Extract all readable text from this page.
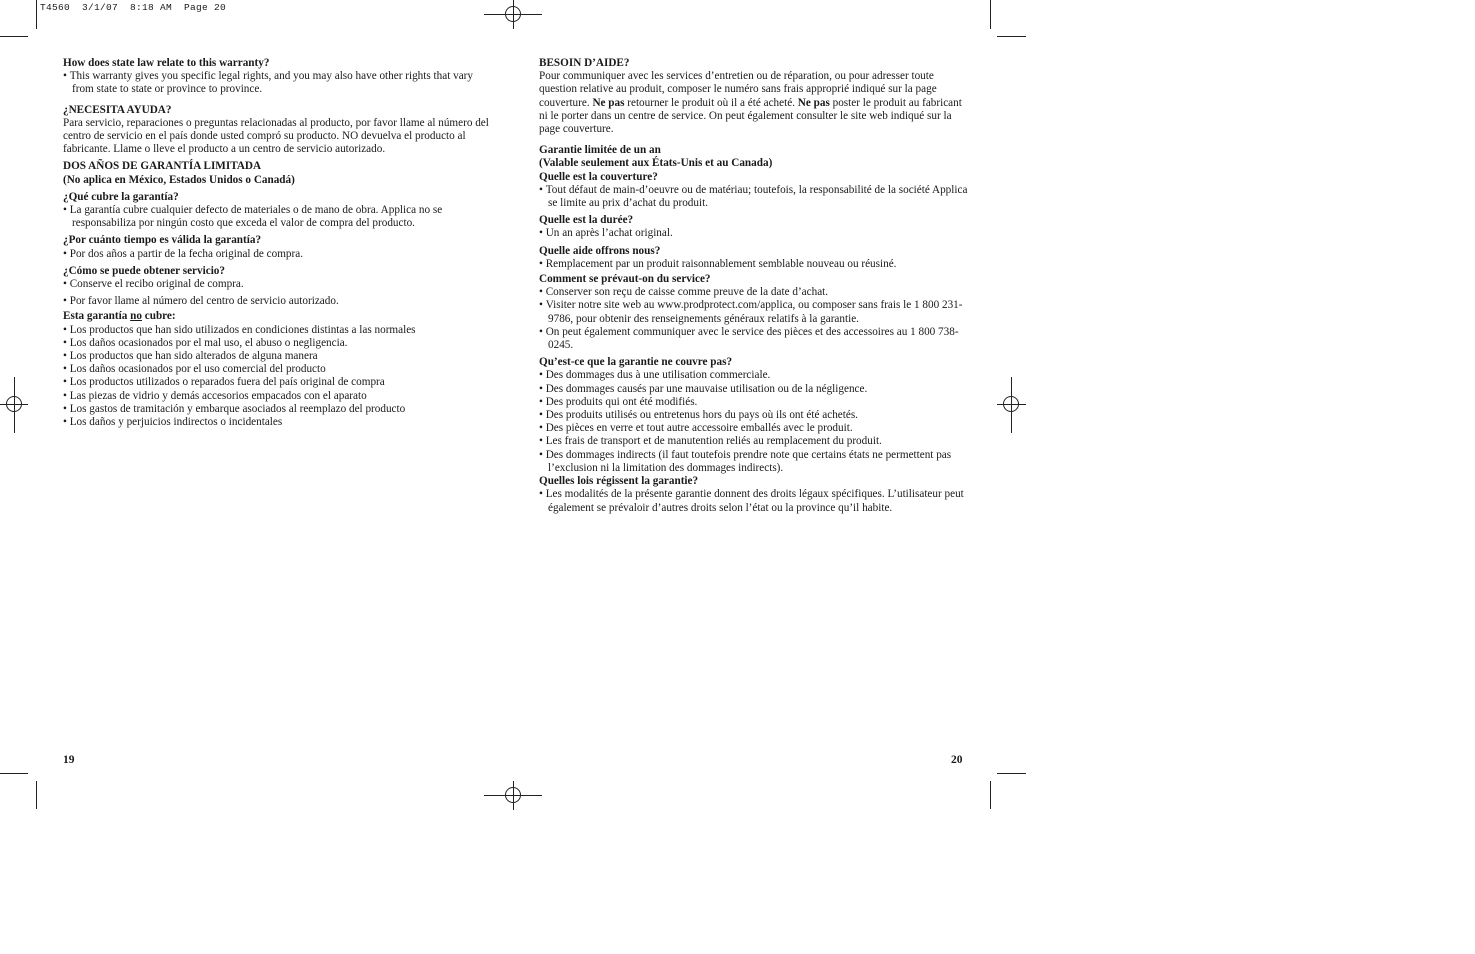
T4560  3/1/07  8:18 AM  Page 20
How does state law relate to this warranty?

• This warranty gives you specific legal rights, and you may also have other rights that vary from state to state or province to province.

¿NECESITA AYUDA?

Para servicio, reparaciones o preguntas relacionadas al producto, por favor llame al número del centro de servicio en el país donde usted compró su producto. NO devuelva el producto al fabricante. Llame o lleve el producto a un centro de servicio autorizado.

DOS AÑOS DE GARANTÍA LIMITADA
(No aplica en México, Estados Unidos o Canadá)
¿Qué cubre la garantía?

• La garantía cubre cualquier defecto de materiales o de mano de obra. Applica no se responsabiliza por ningún costo que exceda el valor de compra del producto.

¿Por cuánto tiempo es válida la garantía?

• Por dos años a partir de la fecha original de compra.

¿Cómo se puede obtener servicio?

• Conserve el recibo original de compra.

• Por favor llame al número del centro de servicio autorizado.

Esta garantía no cubre:

• Los productos que han sido utilizados en condiciones distintas a las normales

• Los daños ocasionados por el mal uso, el abuso o negligencia.

• Los productos que han sido alterados de alguna manera

• Los daños ocasionados por el uso comercial del producto

• Los productos utilizados o reparados fuera del país original de compra

• Las piezas de vidrio y demás accesorios empacados con el aparato

• Los gastos de tramitación y embarque asociados al reemplazo del producto

• Los daños y perjuicios indirectos o incidentales

19
BESOIN D’AIDE?

Pour communiquer avec les services d’entretien ou de réparation, ou pour adresser toute question relative au produit, composer le numéro sans frais approprié indiqué sur la page couverture. Ne pas retourner le produit où il a été acheté. Ne pas poster le produit au fabricant ni le porter dans un centre de service. On peut également consulter le site web indiqué sur la page couverture.

Garantie limitée de un an
(Valable seulement aux États-Unis et au Canada)
Quelle est la couverture?

• Tout défaut de main-d’oeuvre ou de matériau; toutefois, la responsabilité de la société Applica se limite au prix d’achat du produit.

Quelle est la durée?

• Un an après l’achat original.

Quelle aide offrons nous?

• Remplacement par un produit raisonnablement semblable nouveau ou réusiné.

Comment se prévaut-on du service?

• Conserver son reçu de caisse comme preuve de la date d’achat.

• Visiter notre site web au www.prodprotect.com/applica, ou composer sans frais le 1 800 231-9786, pour obtenir des renseignements généraux relatifs à la garantie.

• On peut également communiquer avec le service des pièces et des accessoires au 1 800 738-0245.

Qu’est-ce que la garantie ne couvre pas?

• Des dommages dus à une utilisation commerciale.

• Des dommages causés par une mauvaise utilisation ou de la négligence.

• Des produits qui ont été modifiés.

• Des produits utilisés ou entretenus hors du pays où ils ont été achetés.

• Des pièces en verre et tout autre accessoire emballés avec le produit.

• Les frais de transport et de manutention reliés au remplacement du produit.

• Des dommages indirects (il faut toutefois prendre note que certains états ne permettent pas l’exclusion ni la limitation des dommages indirects).

Quelles lois régissent la garantie?

• Les modalités de la présente garantie donnent des droits légaux spécifiques. L’utilisateur peut également se prévaloir d’autres droits selon l’état ou la province qu’il habite.

20
